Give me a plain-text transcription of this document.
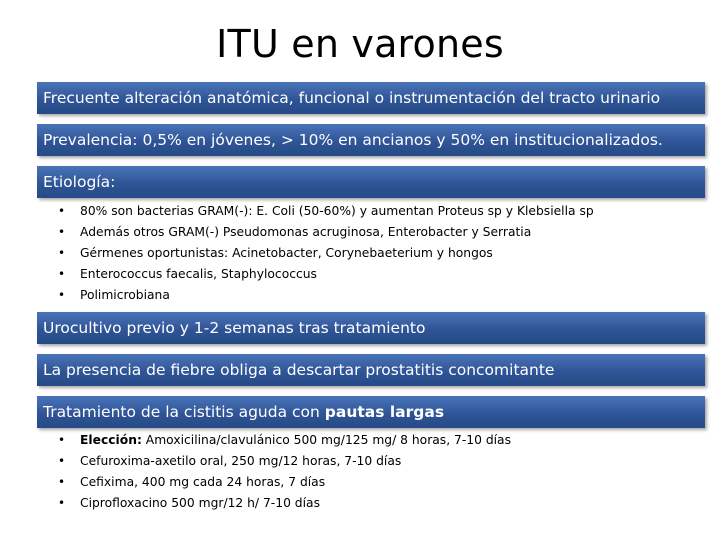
ITU en varones
Frecuente alteración anatómica, funcional o instrumentación del tracto urinario
Prevalencia: 0,5% en jóvenes, > 10% en ancianos y 50% en institucionalizados.
Etiología:
• 80% son bacterias GRAM(-): E. Coli (50-60%) y aumentan Proteus sp y Klebsiella sp
• Además otros GRAM(-) Pseudomonas acruginosa, Enterobacter y Serratia
• Gérmenes oportunistas: Acinetobacter, Corynebaeterium y hongos
• Enterococcus faecalis, Staphylococcus
• Polimicrobiana
Urocultivo previo y 1-2 semanas tras tratamiento
La presencia de fiebre obliga a descartar prostatitis concomitante
Tratamiento de la cistitis aguda con pautas largas
• Elección: Amoxicilina/clavulánico 500 mg/125 mg/ 8 horas, 7-10 días
• Cefuroxima-axetilo oral, 250 mg/12 horas, 7-10 días
• Cefixima, 400 mg cada 24 horas, 7 días
• Ciprofloxacino 500 mgr/12 h/ 7-10 días
